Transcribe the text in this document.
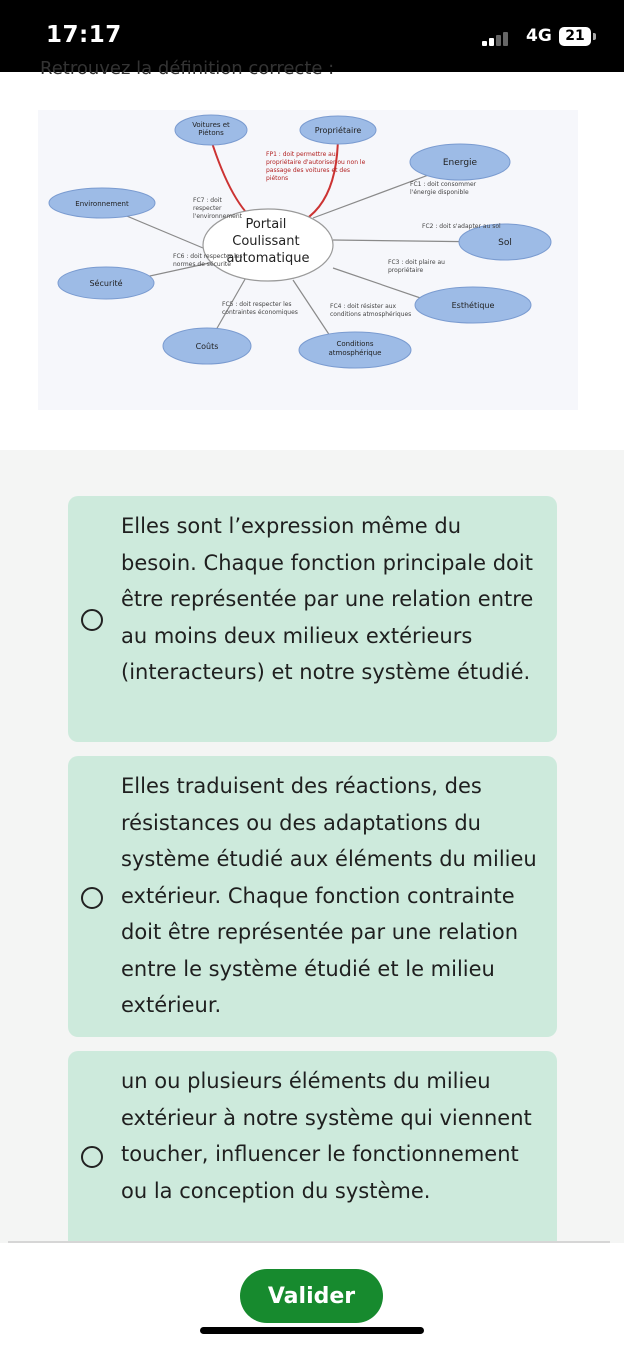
17:17	4G 21
Retrouvez la définition correcte :
Portail Coulissant automatique
Voitures et Piétons	Propriétaire
Energie
Environnement
Sol
Sécurité
Esthétique
Coûts	Conditions atmosphérique
FP1 : doit permettre au propriétaire d'autoriser ou non le passage des voitures et des piétons
FC1 : doit consommer l'énergie disponible
FC2 : doit s'adapter au sol
FC3 : doit plaire au propriétaire
FC4 : doit résister aux conditions atmosphériques
FC5 : doit respecter les contraintes économiques
FC6 : doit respecter les normes de sécurité
FC7 : doit respecter l'environnement
Elles sont l’expression même du besoin. Chaque fonction principale doit être représentée par une relation entre au moins deux milieux extérieurs (interacteurs) et notre système étudié.
Elles traduisent des réactions, des résistances ou des adaptations du système étudié aux éléments du milieu extérieur. Chaque fonction contrainte doit être représentée par une relation entre le système étudié et le milieu extérieur.
un ou plusieurs éléments du milieu extérieur à notre système qui viennent toucher, influencer le fonctionnement ou la conception du système.
Valider
